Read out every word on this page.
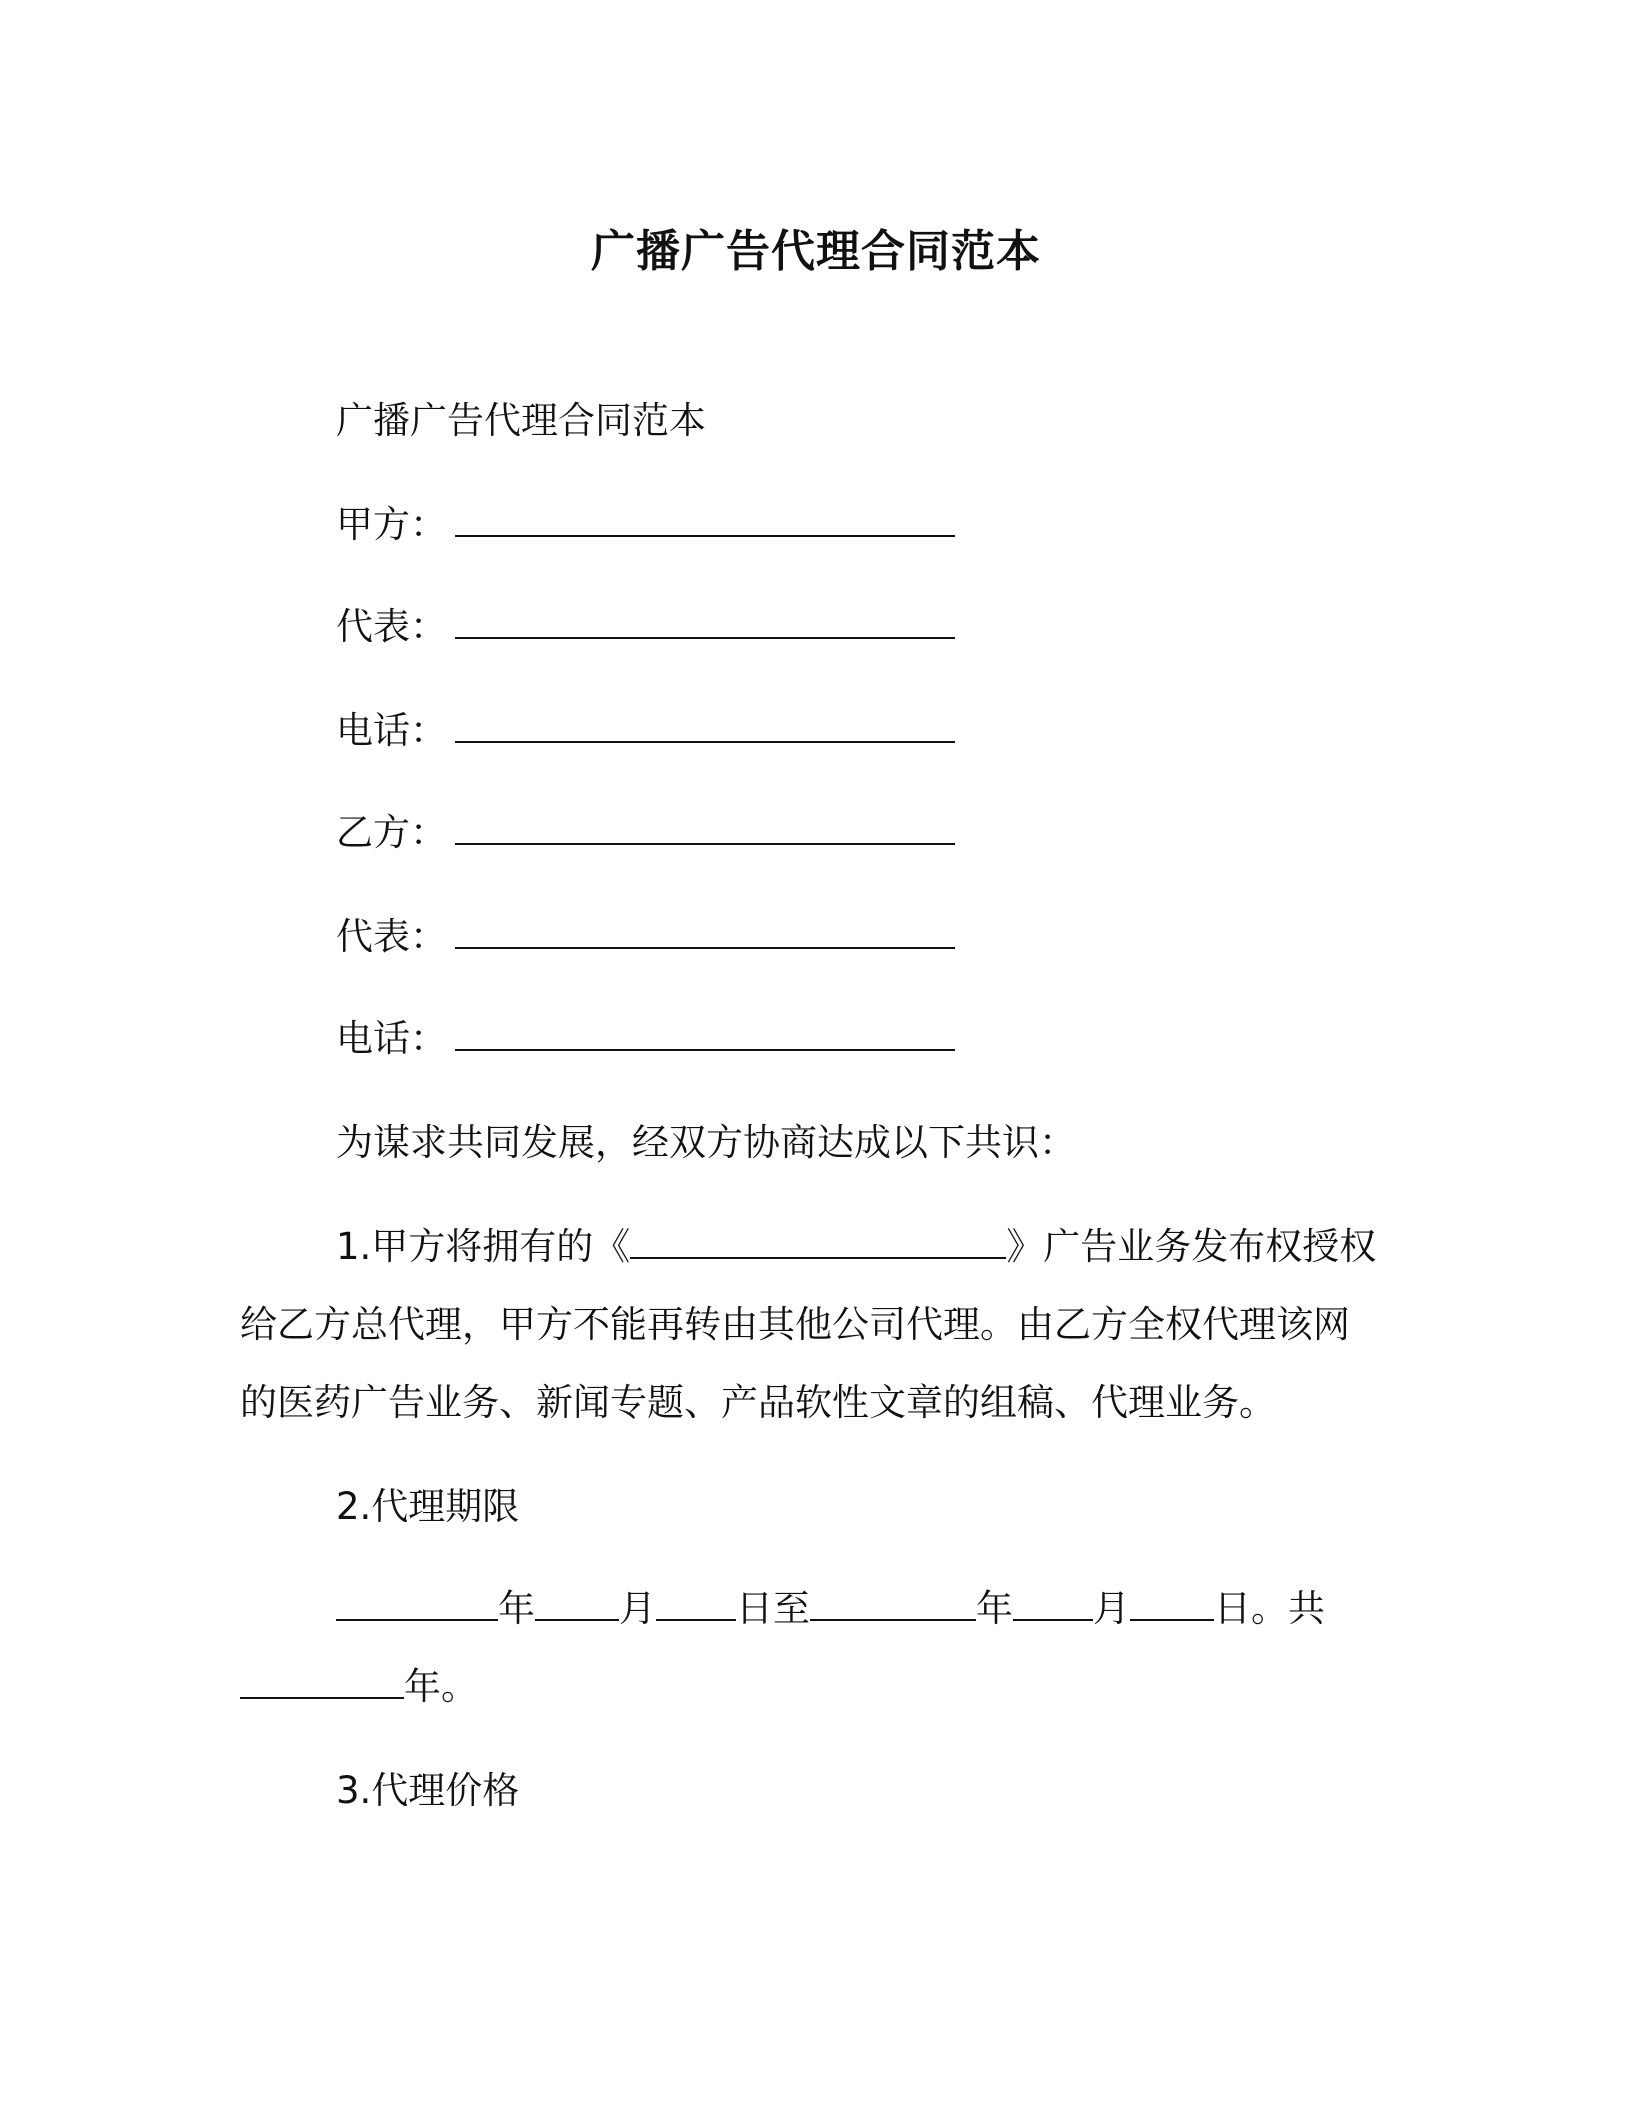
广播广告代理合同范本
广播广告代理合同范本
甲方：
代表：
电话：
乙方：
代表：
电话：
为谋求共同发展，经双方协商达成以下共识：
1.甲方将拥有的《	》广告业务发布权授权
给乙方总代理，甲方不能再转由其他公司代理。由乙方全权代理该网
的医药广告业务、新闻专题、产品软性文章的组稿、代理业务。
2.代理期限
年 月 日至	年 月 日。共
年。
3.代理价格
